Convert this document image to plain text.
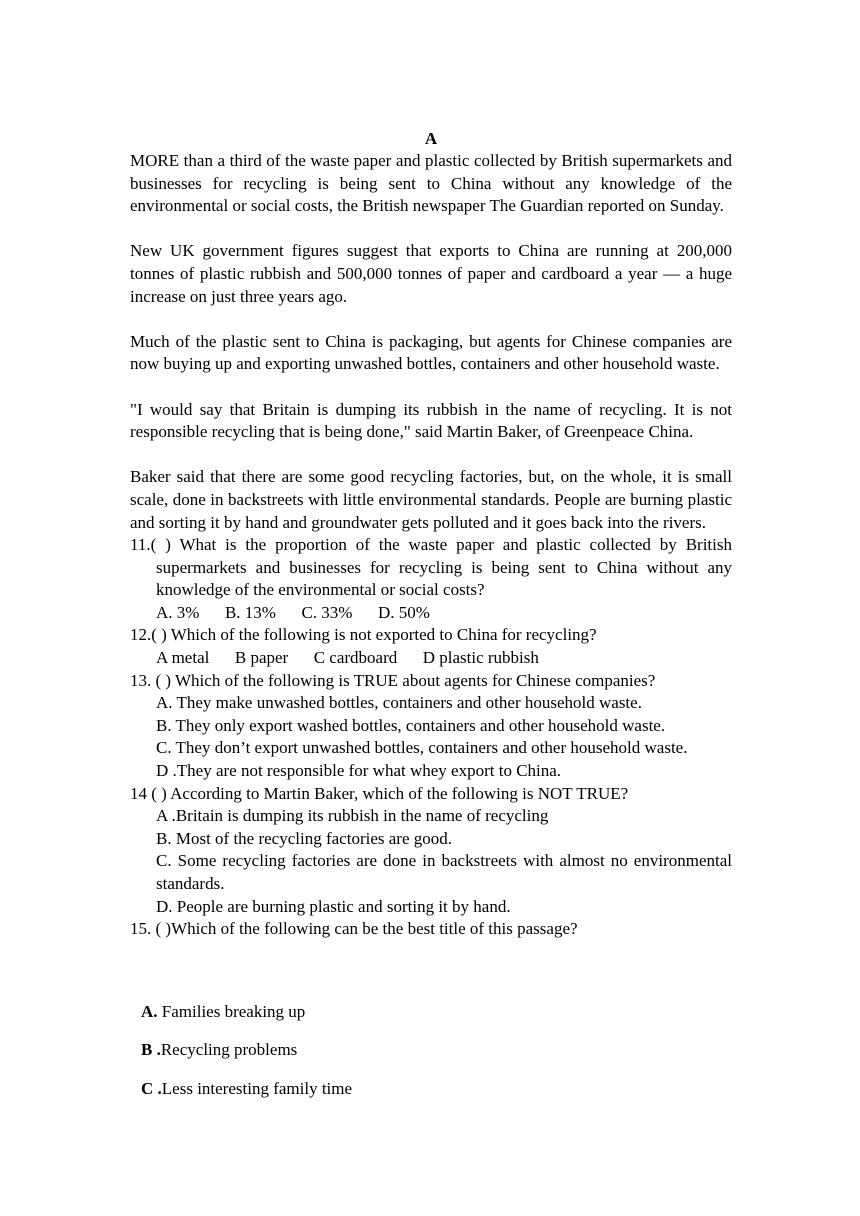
A

MORE than a third of the waste paper and plastic collected by British supermarkets and businesses for recycling is being sent to China without any knowledge of the environmental or social costs, the British newspaper The Guardian reported on Sunday.

New UK government figures suggest that exports to China are running at 200,000 tonnes of plastic rubbish and 500,000 tonnes of paper and cardboard a year — a huge increase on just three years ago.

Much of the plastic sent to China is packaging, but agents for Chinese companies are now buying up and exporting unwashed bottles, containers and other household waste.

"I would say that Britain is dumping its rubbish in the name of recycling. It is not responsible recycling that is being done," said Martin Baker, of Greenpeace China.

Baker said that there are some good recycling factories, but, on the whole, it is small scale, done in backstreets with little environmental standards. People are burning plastic and sorting it by hand and groundwater gets polluted and it goes back into the rivers.

11.( ) What is the proportion of the waste paper and plastic collected by British supermarkets and businesses for recycling is being sent to China without any knowledge of the environmental or social costs?
A. 3%      B. 13%      C. 33%      D. 50%
12.( ) Which of the following is not exported to China for recycling?
A metal      B paper      C cardboard      D plastic rubbish
13. ( ) Which of the following is TRUE about agents for Chinese companies?
A. They make unwashed bottles, containers and other household waste.
B. They only export washed bottles, containers and other household waste.
C. They don’t export unwashed bottles, containers and other household waste.
D .They are not responsible for what whey export to China.
14 ( ) According to Martin Baker, which of the following is NOT TRUE?
A .Britain is dumping its rubbish in the name of recycling
B. Most of the recycling factories are good.
C. Some recycling factories are done in backstreets with almost no environmental standards.
D. People are burning plastic and sorting it by hand.
15. ( )Which of the following can be the best title of this passage?
A. Families breaking up
B .Recycling problems
C .Less interesting family time
